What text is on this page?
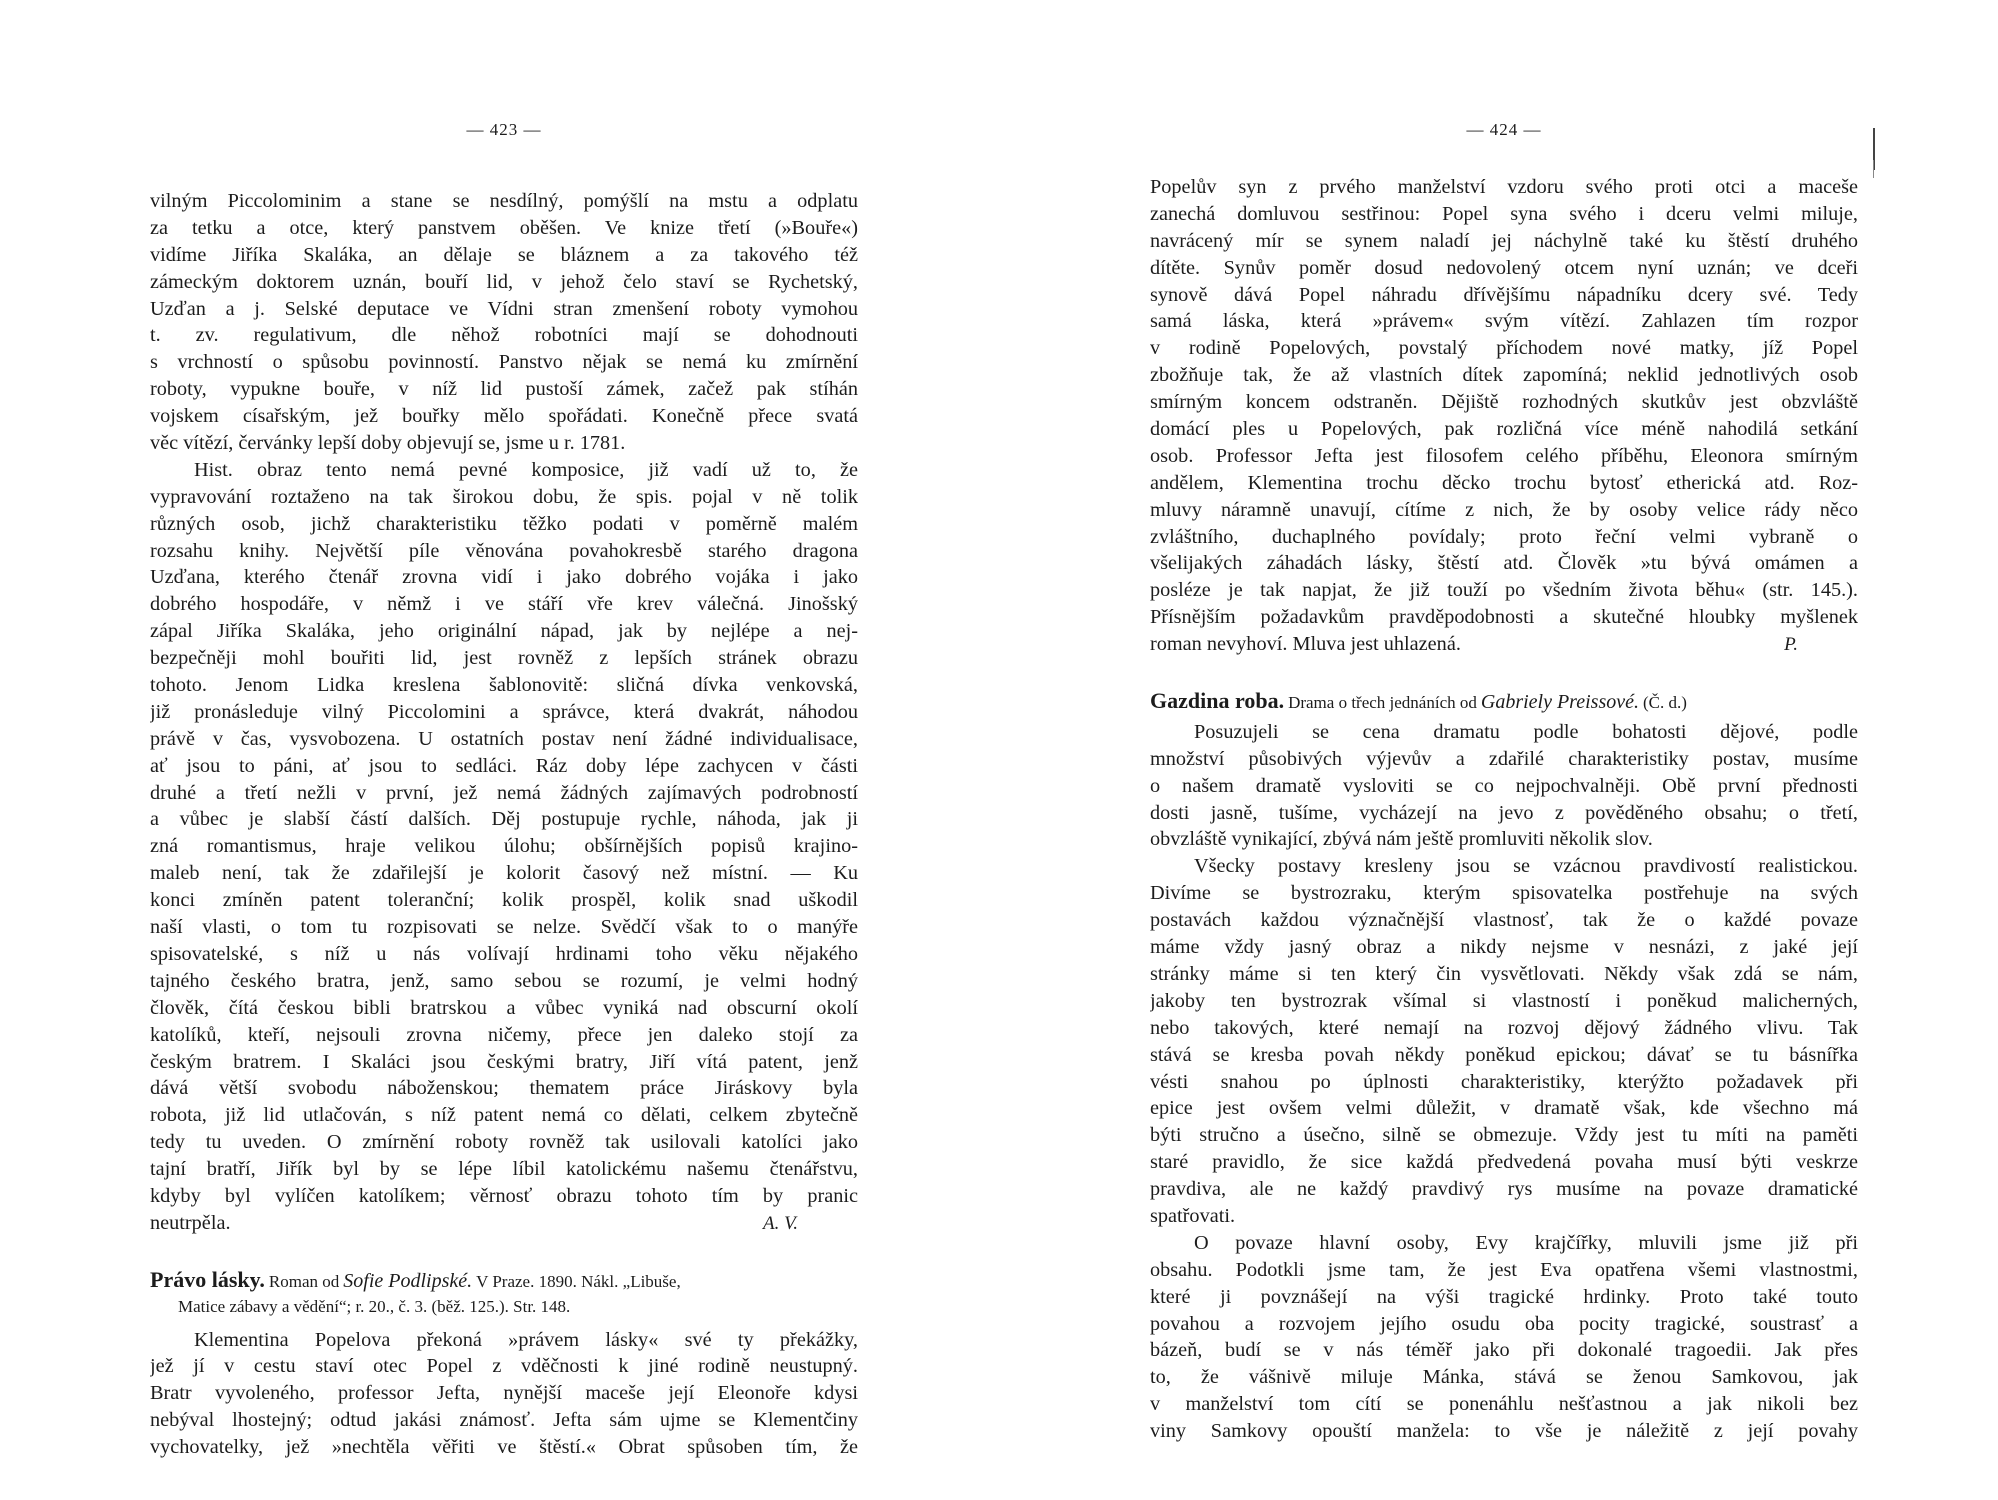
— 423 —
vilným Piccolominim a stane se nesdílný, pomýšlí na mstu a odplatu
za tetku a otce, který panstvem oběšen. Ve knize třetí (»Bouře«)
vidíme Jiříka Skaláka, an dělaje se bláznem a za takového též
zámeckým doktorem uznán, bouří lid, v jehož čelo staví se Rychetský,
Uzďan a j. Selské deputace ve Vídni stran zmenšení roboty vymohou
t. zv. regulativum, dle něhož robotníci mají se dohodnouti
s vrchností o spůsobu povinností. Panstvo nějak se nemá ku zmírnění
roboty, vypukne bouře, v níž lid pustoší zámek, začež pak stíhán
vojskem císařským, jež bouřky mělo spořádati. Konečně přece svatá
věc vítězí, červánky lepší doby objevují se, jsme u r. 1781.
Hist. obraz tento nemá pevné komposice, již vadí už to, že
vypravování roztaženo na tak širokou dobu, že spis. pojal v ně tolik
různých osob, jichž charakteristiku těžko podati v poměrně malém
rozsahu knihy. Největší píle věnována povahokresbě starého dragona
Uzďana, kterého čtenář zrovna vidí i jako dobrého vojáka i jako
dobrého hospodáře, v němž i ve stáří vře krev válečná. Jinošský
zápal Jiříka Skaláka, jeho originální nápad, jak by nejlépe a nej-
bezpečněji mohl bouřiti lid, jest rovněž z lepších stránek obrazu
tohoto. Jenom Lidka kreslena šablonovitě: sličná dívka venkovská,
již pronásleduje vilný Piccolomini a správce, která dvakrát, náhodou
právě v čas, vysvobozena. U ostatních postav není žádné individualisace,
ať jsou to páni, ať jsou to sedláci. Ráz doby lépe zachycen v části
druhé a třetí nežli v první, jež nemá žádných zajímavých podrobností
a vůbec je slabší částí dalších. Děj postupuje rychle, náhoda, jak ji
zná romantismus, hraje velikou úlohu; obšírnějších popisů krajino-
maleb není, tak že zdařilejší je kolorit časový než místní. — Ku
konci zmíněn patent toleranční; kolik prospěl, kolik snad uškodil
naší vlasti, o tom tu rozpisovati se nelze. Svědčí však to o manýře
spisovatelské, s níž u nás volívají hrdinami toho věku nějakého
tajného českého bratra, jenž, samo sebou se rozumí, je velmi hodný
člověk, čítá českou bibli bratrskou a vůbec vyniká nad obscurní okolí
katolíků, kteří, nejsouli zrovna ničemy, přece jen daleko stojí za
českým bratrem. I Skaláci jsou českými bratry, Jiří vítá patent, jenž
dává větší svobodu náboženskou; thematem práce Jiráskovy byla
robota, již lid utlačován, s níž patent nemá co dělati, celkem zbytečně
tedy tu uveden. O zmírnění roboty rovněž tak usilovali katolíci jako
tajní bratří, Jiřík byl by se lépe líbil katolickému našemu čtenářstvu,
kdyby byl vylíčen katolíkem; věrnosť obrazu tohoto tím by pranic
neutrpěla.	A. V.
Právo lásky. Roman od Sofie Podlipské. V Praze. 1890. Nákl. „Libuše,
Matice zábavy a vědění“; r. 20., č. 3. (běž. 125.). Str. 148.
Klementina Popelova překoná »právem lásky« své ty překážky,
jež jí v cestu staví otec Popel z vděčnosti k jiné rodině neustupný.
Bratr vyvoleného, professor Jefta, nynější maceše její Eleonoře kdysi
nebýval lhostejný; odtud jakási známosť. Jefta sám ujme se Klementčiny
vychovatelky, jež »nechtěla věřiti ve štěstí.« Obrat spůsoben tím, že
— 424 —
Popelův syn z prvého manželství vzdoru svého proti otci a maceše
zanechá domluvou sestřinou: Popel syna svého i dceru velmi miluje,
navrácený mír se synem naladí jej náchylně také ku štěstí druhého
dítěte. Synův poměr dosud nedovolený otcem nyní uznán; ve dceři
synově dává Popel náhradu dřívějšímu nápadníku dcery své. Tedy
samá láska, která »právem« svým vítězí. Zahlazen tím rozpor
v rodině Popelových, povstalý příchodem nové matky, jíž Popel
zbožňuje tak, že až vlastních dítek zapomíná; neklid jednotlivých osob
smírným koncem odstraněn. Dějiště rozhodných skutkův jest obzvláště
domácí ples u Popelových, pak rozličná více méně nahodilá setkání
osob. Professor Jefta jest filosofem celého příběhu, Eleonora smírným
andělem, Klementina trochu děcko trochu bytosť etherická atd. Roz-
mluvy náramně unavují, cítíme z nich, že by osoby velice rády něco
zvláštního, duchaplného povídaly; proto řeční velmi vybraně o
všelijakých záhadách lásky, štěstí atd. Člověk »tu bývá omámen a
posléze je tak napjat, že již touží po všedním života běhu« (str. 145.).
Přísnějším požadavkům pravděpodobnosti a skutečné hloubky myšlenek
roman nevyhoví. Mluva jest uhlazená.	P.
Gazdina roba. Drama o třech jednáních od Gabriely Preissové. (Č. d.)
Posuzujeli se cena dramatu podle bohatosti dějové, podle
množství působivých výjevův a zdařilé charakteristiky postav, musíme
o našem dramatě vysloviti se co nejpochvalněji. Obě první přednosti
dosti jasně, tušíme, vycházejí na jevo z pověděného obsahu; o třetí,
obvzláště vynikající, zbývá nám ještě promluviti několik slov.
Všecky postavy kresleny jsou se vzácnou pravdivostí realistickou.
Divíme se bystrozraku, kterým spisovatelka postřehuje na svých
postavách každou význačnější vlastnosť, tak že o každé povaze
máme vždy jasný obraz a nikdy nejsme v nesnázi, z jaké její
stránky máme si ten který čin vysvětlovati. Někdy však zdá se nám,
jakoby ten bystrozrak všímal si vlastností i poněkud malicherných,
nebo takových, které nemají na rozvoj dějový žádného vlivu. Tak
stává se kresba povah někdy poněkud epickou; dávať se tu básnířka
vésti snahou po úplnosti charakteristiky, kterýžto požadavek při
epice jest ovšem velmi důležit, v dramatě však, kde všechno má
býti stručno a úsečno, silně se obmezuje. Vždy jest tu míti na paměti
staré pravidlo, že sice každá předvedená povaha musí býti veskrze
pravdiva, ale ne každý pravdivý rys musíme na povaze dramatické
spatřovati.
O povaze hlavní osoby, Evy krajčířky, mluvili jsme již při
obsahu. Podotkli jsme tam, že jest Eva opatřena všemi vlastnostmi,
které ji povznášejí na výši tragické hrdinky. Proto také touto
povahou a rozvojem jejího osudu oba pocity tragické, soustrasť a
bázeň, budí se v nás téměř jako při dokonalé tragoedii. Jak přes
to, že vášnivě miluje Mánka, stává se ženou Samkovou, jak
v manželství tom cítí se ponenáhlu nešťastnou a jak nikoli bez
viny Samkovy opouští manžela: to vše je náležitě z její povahy
